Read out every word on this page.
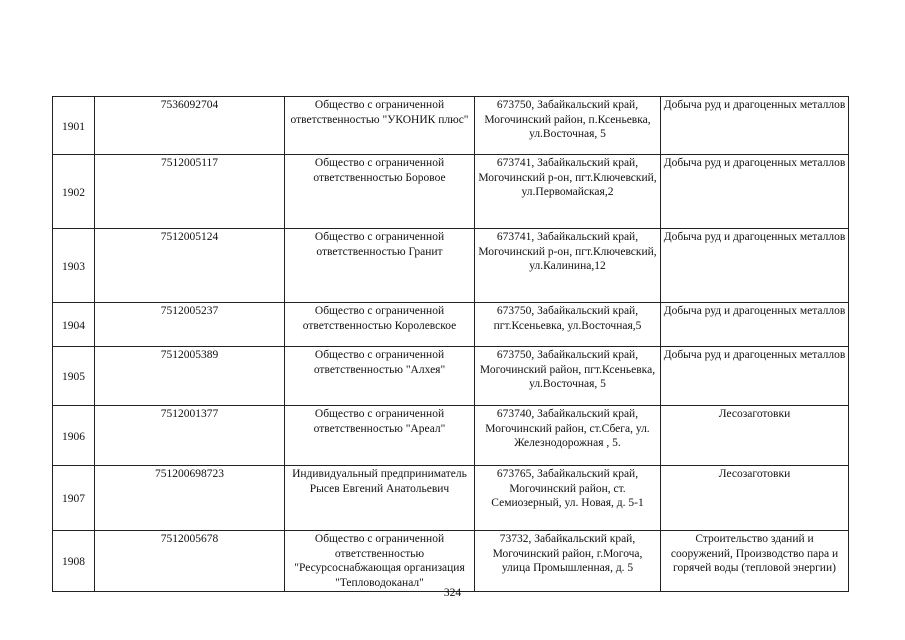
1901	7536092704	Общество с ограниченной ответственностью "УКОНИК плюс"	673750, Забайкальский край, Могочинский район, п.Ксеньевка, ул.Восточная, 5	Добыча руд и драгоценных металлов
1902	7512005117	Общество с ограниченной ответственностью Боровое	673741, Забайкальский край, Могочинский р-он, пгт.Ключевский, ул.Первомайская,2	Добыча руд и драгоценных металлов
1903	7512005124	Общество с ограниченной ответственностью Гранит	673741, Забайкальский край, Могочинский р-он, пгт.Ключевский, ул.Калинина,12	Добыча руд и драгоценных металлов
1904	7512005237	Общество с ограниченной ответственностью Королевское	673750, Забайкальский край, пгт.Ксеньевка, ул.Восточная,5	Добыча руд и драгоценных металлов
1905	7512005389	Общество с ограниченной ответственностью "Алхея"	673750, Забайкальский край, Могочинский район, пгт.Ксеньевка, ул.Восточная, 5	Добыча руд и драгоценных металлов
1906	7512001377	Общество с ограниченной ответственностью "Ареал"	673740, Забайкальский край, Могочинский район, ст.Сбега, ул. Железнодорожная , 5.	Лесозаготовки
1907	751200698723	Индивидуальный предприниматель Рысев Евгений Анатольевич	673765, Забайкальский край, Могочинский район, ст. Семиозерный, ул. Новая, д. 5-1	Лесозаготовки
1908	7512005678	Общество с ограниченной ответственностью "Ресурсоснабжающая организация "Тепловодоканал"	73732, Забайкальский край, Могочинский район, г.Могоча, улица Промышленная, д. 5	Строительство зданий и сооружений, Производство пара и горячей воды (тепловой энергии)
324
